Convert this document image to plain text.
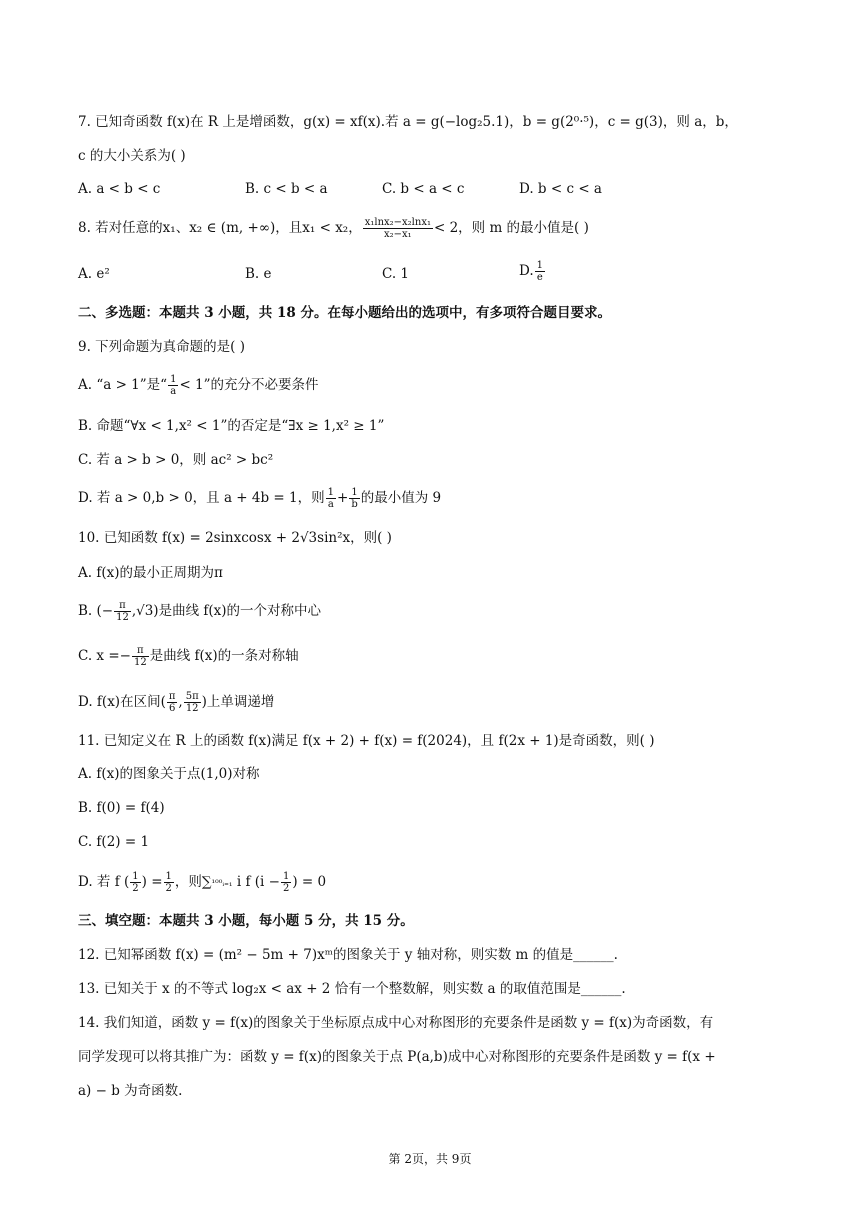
7. 已知奇函数 f(x)在 R 上是增函数，g(x) = xf(x).若 a = g(−log₂5.1)，b = g(2⁰·⁵)，c = g(3)，则 a，b，
c 的大小关系为( )
A. a < b < c	B. c < b < a	C. b < a < c	D. b < c < a
8. 若对任意的x₁、x₂ ∈ (m, +∞)，且x₁ < x₂， $\frac{\text{x₁lnx₂−x₂lnx₁}}{\text{x₂−x₁}} < 2$，则 m 的最小值是( )
A. e²	B. e	C. 1	D. $\frac{1}{e}$
二、多选题：本题共 3 小题，共 18 分。在每小题给出的选项中，有多项符合题目要求。
9. 下列命题为真命题的是( )
A. “a > 1”是“ $\frac{1}{a} < 1$”的充分不必要条件
B. 命题“∀x < 1,x² < 1”的否定是“∃x ≥ 1,x² ≥ 1”
C. 若 a > b > 0，则 ac² > bc²
D. 若 a > 0,b > 0，且 a + 4b = 1，则 $\frac{1}{a} + \frac{1}{b}$ 的最小值为 9
10. 已知函数 f(x) = 2sinxcosx + 2√3sin²x，则( )
A. f(x)的最小正周期为π
B. (− $\frac{\pi}{12} ,√3$)是曲线 f(x)的一个对称中心
C. $x =- \frac{\pi}{12}$ 是曲线 f(x)的一条对称轴
D. f(x)在区间( $\frac{\pi}{6}$ , $\frac{5\pi}{12}$ )上单调递增
11. 已知定义在 R 上的函数 f(x)满足 f(x + 2) + f(x) = f(2024)，且 f(2x + 1)是奇函数，则( )
A. f(x)的图象关于点(1,0)对称
B. f(0) = f(4)
C. f(2) = 1
D. 若 f ( $\frac{1}{2}$ ) = $\frac{1}{2}$ ，则∑¹⁰⁰ᵢ₌₁ i f ($i - \frac{1}{2}$ ) = 0
三、填空题：本题共 3 小题，每小题 5 分，共 15 分。
12. 已知幂函数 f(x) = (m² − 5m + 7)xᵐ的图象关于 y 轴对称，则实数 m 的值是______.
13. 已知关于 x 的不等式 log₂x < ax + 2 恰有一个整数解，则实数 a 的取值范围是______.
14. 我们知道，函数 y = f(x)的图象关于坐标原点成中心对称图形的充要条件是函数 y = f(x)为奇函数，有
同学发现可以将其推广为：函数 y = f(x)的图象关于点 P(a,b)成中心对称图形的充要条件是函数 y = f(x +
a) − b 为奇函数.
第 2页，共 9页
